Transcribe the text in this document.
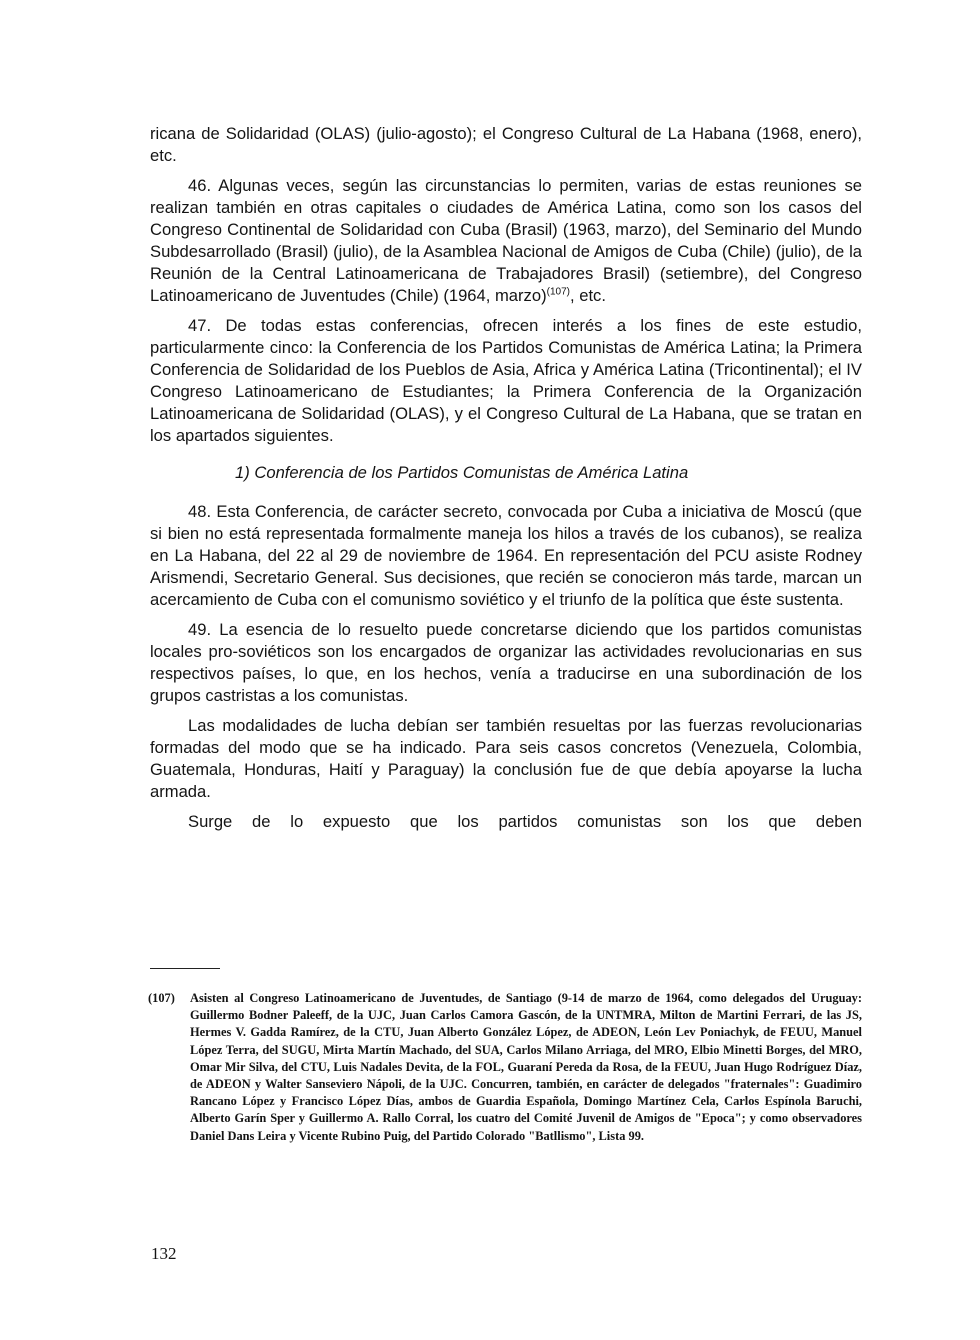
ricana de Solidaridad (OLAS) (julio-agosto); el Congreso Cultural de La Habana (1968, enero), etc.

46. Algunas veces, según las circunstancias lo permiten, varias de estas reuniones se realizan también en otras capitales o ciudades de América Latina, como son los casos del Congreso Continental de Solidaridad con Cuba (Brasil) (1963, marzo), del Seminario del Mundo Subdesarrollado (Brasil) (julio), de la Asamblea Nacional de Amigos de Cuba (Chile) (julio), de la Reunión de la Central Latinoamericana de Trabajadores Brasil) (setiembre), del Congreso Latinoamericano de Juventudes (Chile) (1964, marzo)$^{(107)}$, etc.

47. De todas estas conferencias, ofrecen interés a los fines de este estudio, particularmente cinco: la Conferencia de los Partidos Comunistas de América Latina; la Primera Conferencia de Solidaridad de los Pueblos de Asia, Africa y América Latina (Tricontinental); el IV Congreso Latinoamericano de Estudiantes; la Primera Conferencia de la Organización Latinoamericana de Solidaridad (OLAS), y el Congreso Cultural de La Habana, que se tratan en los apartados siguientes.

1) Conferencia de los Partidos Comunistas de América Latina

48. Esta Conferencia, de carácter secreto, convocada por Cuba a iniciativa de Moscú (que si bien no está representada formalmente maneja los hilos a través de los cubanos), se realiza en La Habana, del 22 al 29 de noviembre de 1964. En representación del PCU asiste Rodney Arismendi, Secretario General. Sus decisiones, que recién se conocieron más tarde, marcan un acercamiento de Cuba con el comunismo soviético y el triunfo de la política que éste sustenta.

49. La esencia de lo resuelto puede concretarse diciendo que los partidos comunistas locales pro-soviéticos son los encargados de organizar las actividades revolucionarias en sus respectivos países, lo que, en los hechos, venía a traducirse en una subordinación de los grupos castristas a los comunistas.

Las modalidades de lucha debían ser también resueltas por las fuerzas revolucionarias formadas del modo que se ha indicado. Para seis casos concretos (Venezuela, Colombia, Guatemala, Honduras, Haití y Paraguay) la conclusión fue de que debía apoyarse la lucha armada.

Surge de lo expuesto que los partidos comunistas son los que deben

(107) Asisten al Congreso Latinoamericano de Juventudes, de Santiago (9-14 de marzo de 1964, como delegados del Uruguay: Guillermo Bodner Paleeff, de la UJC, Juan Carlos Camora Gascón, de la UNTMRA, Milton de Martini Ferrari, de las JS, Hermes V. Gadda Ramírez, de la CTU, Juan Alberto González López, de ADEON, León Lev Poniachyk, de FEUU, Manuel López Terra, del SUGU, Mirta Martín Machado, del SUA, Carlos Milano Arriaga, del MRO, Elbio Minetti Borges, del MRO, Omar Mir Silva, del CTU, Luis Nadales Devita, de la FOL, Guaraní Pereda da Rosa, de la FEUU, Juan Hugo Rodríguez Díaz, de ADEON y Walter Sanseviero Nápoli, de la UJC. Concurren, también, en carácter de delegados "fraternales": Guadimiro Rancano López y Francisco López Días, ambos de Guardia Española, Domingo Martínez Cela, Carlos Espínola Baruchi, Alberto Garín Sper y Guillermo A. Rallo Corral, los cuatro del Comité Juvenil de Amigos de "Epoca"; y como observadores Daniel Dans Leira y Vicente Rubino Puig, del Partido Colorado "Batllismo", Lista 99.

132
